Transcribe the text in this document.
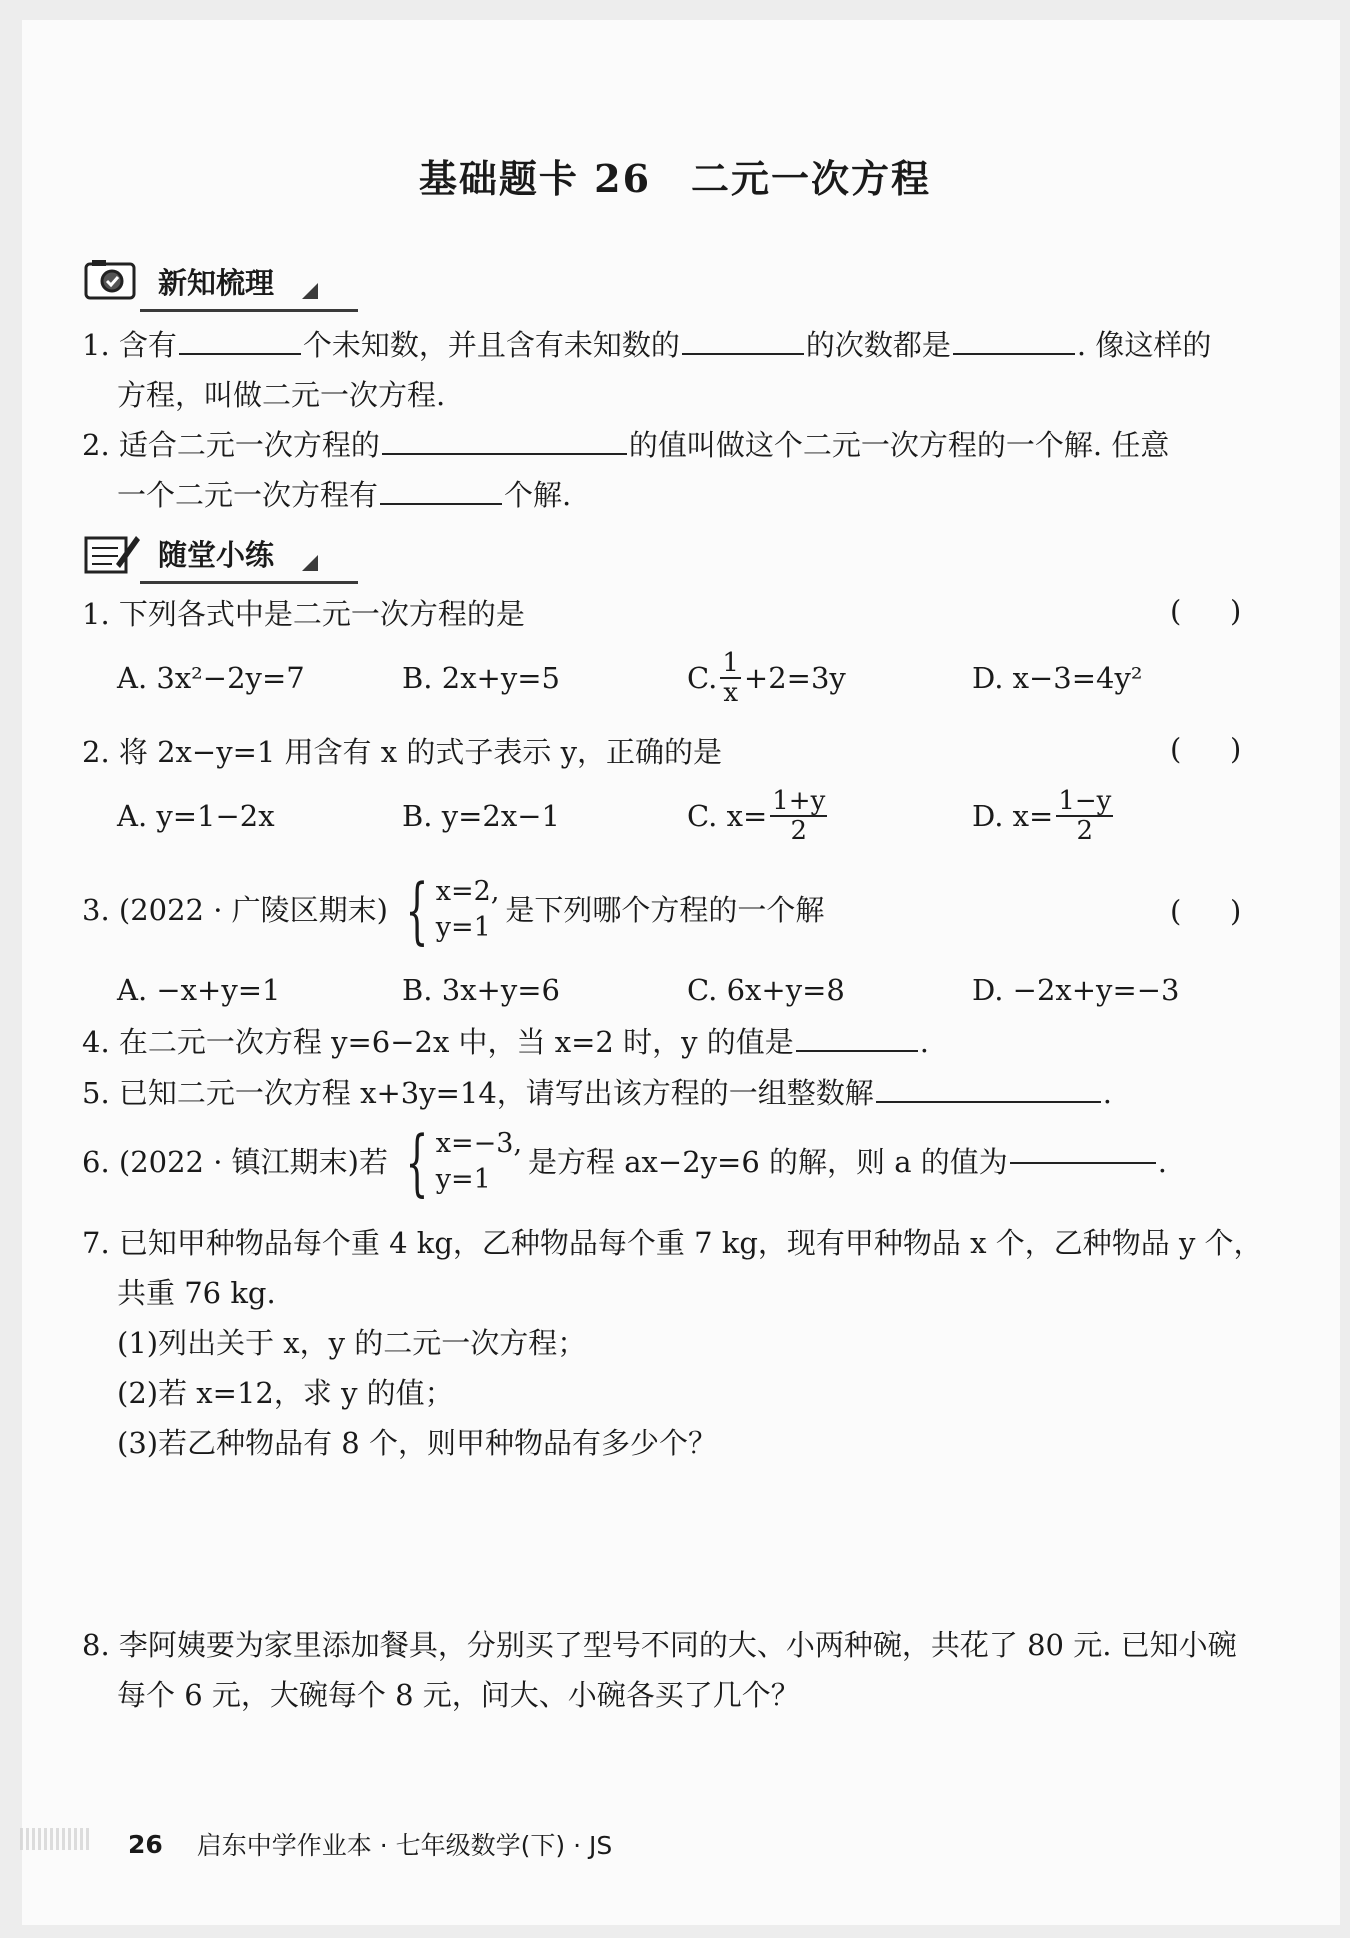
基础题卡 26 二元一次方程
新知梳理
1. 含有	个未知数，并且含有未知数的	的次数都是	. 像这样的
方程，叫做二元一次方程.
2. 适合二元一次方程的	的值叫做这个二元一次方程的一个解. 任意
一个二元一次方程有	个解.
随堂小练
1. 下列各式中是二元一次方程的是	( )
A. 3x²−2y=7	B. 2x+y=5	C. $\frac{1}{x} +2=3y$	D. x−3=4y²
2. 将 2x−y=1 用含有 x 的式子表示 y，正确的是	( )
A. y=1−2x	B. y=2x−1	C. $x= \frac{1+y}{2}$	D. $x= \frac{1-y}{2}$
3. (2022 · 广陵区期末) { x=2,
y=1
是下列哪个方程的一个解	( )
A. −x+y=1	B. 3x+y=6	C. 6x+y=8	D. −2x+y=−3
4. 在二元一次方程 y=6−2x 中，当 x=2 时，y 的值是	.
5. 已知二元一次方程 x+3y=14，请写出该方程的一组整数解	.
6. (2022 · 镇江期末)若 { x=−3,
y=1
是方程 ax−2y=6 的解，则 a 的值为	.
7. 已知甲种物品每个重 4 kg，乙种物品每个重 7 kg，现有甲种物品 x 个，乙种物品 y 个，
共重 76 kg.
(1)列出关于 x，y 的二元一次方程；
(2)若 x=12，求 y 的值；
(3)若乙种物品有 8 个，则甲种物品有多少个？
8. 李阿姨要为家里添加餐具，分别买了型号不同的大、小两种碗，共花了 80 元. 已知小碗
每个 6 元，大碗每个 8 元，问大、小碗各买了几个？
26 启东中学作业本 · 七年级数学(下) · JS
